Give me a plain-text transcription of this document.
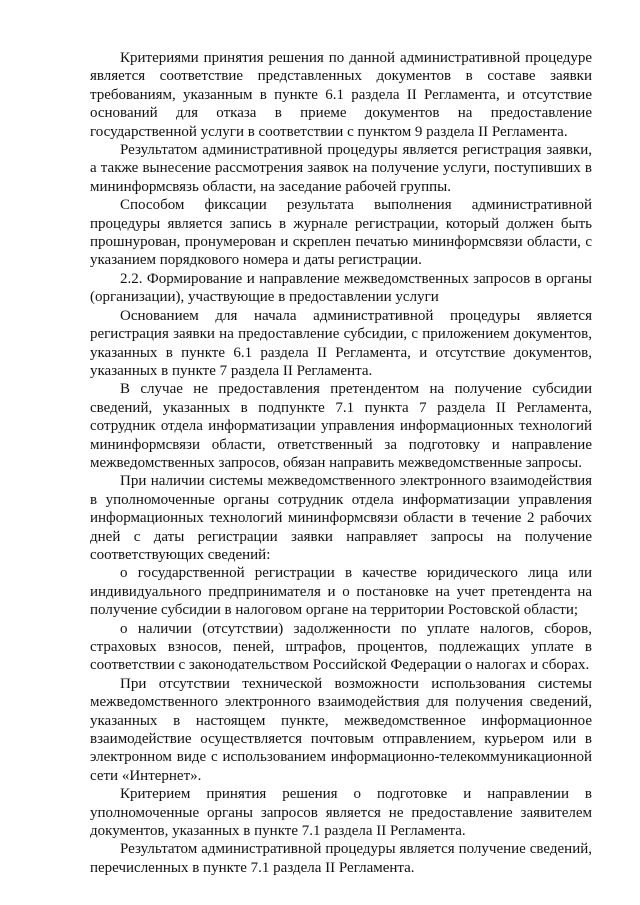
Критериями принятия решения по данной административной процедуре является соответствие представленных документов в составе заявки требованиям, указанным в пункте 6.1 раздела II Регламента, и отсутствие оснований для отказа в приеме документов на предоставление государственной услуги в соответствии с пунктом 9 раздела II Регламента.

Результатом административной процедуры является регистрация заявки, а также вынесение рассмотрения заявок на получение услуги, поступивших в мининформсвязь области, на заседание рабочей группы.

Способом фиксации результата выполнения административной процедуры является запись в журнале регистрации, который должен быть прошнурован, пронумерован и скреплен печатью мининформсвязи области, с указанием порядкового номера и даты регистрации.

2.2. Формирование и направление межведомственных запросов в органы (организации), участвующие в предоставлении услуги

Основанием для начала административной процедуры является регистрация заявки на предоставление субсидии, с приложением документов, указанных в пункте 6.1 раздела II Регламента, и отсутствие документов, указанных в пункте 7 раздела II Регламента.

В случае не предоставления претендентом на получение субсидии сведений, указанных в подпункте 7.1 пункта 7 раздела II Регламента, сотрудник отдела информатизации управления информационных технологий мининформсвязи области, ответственный за подготовку и направление межведомственных запросов, обязан направить межведомственные запросы.

При наличии системы межведомственного электронного взаимодействия в уполномоченные органы сотрудник отдела информатизации управления информационных технологий мининформсвязи области в течение 2 рабочих дней с даты регистрации заявки направляет запросы на получение соответствующих сведений:

о государственной регистрации в качестве юридического лица или индивидуального предпринимателя и о постановке на учет претендента на получение субсидии в налоговом органе на территории Ростовской области;

о наличии (отсутствии) задолженности по уплате налогов, сборов, страховых взносов, пеней, штрафов, процентов, подлежащих уплате в соответствии с законодательством Российской Федерации о налогах и сборах.

При отсутствии технической возможности использования системы межведомственного электронного взаимодействия для получения сведений, указанных в настоящем пункте, межведомственное информационное взаимодействие осуществляется почтовым отправлением, курьером или в электронном виде с использованием информационно-телекоммуникационной сети «Интернет».

Критерием принятия решения о подготовке и направлении в уполномоченные органы запросов является не предоставление заявителем документов, указанных в пункте 7.1 раздела II Регламента.

Результатом административной процедуры является получение сведений, перечисленных в пункте 7.1 раздела II Регламента.
